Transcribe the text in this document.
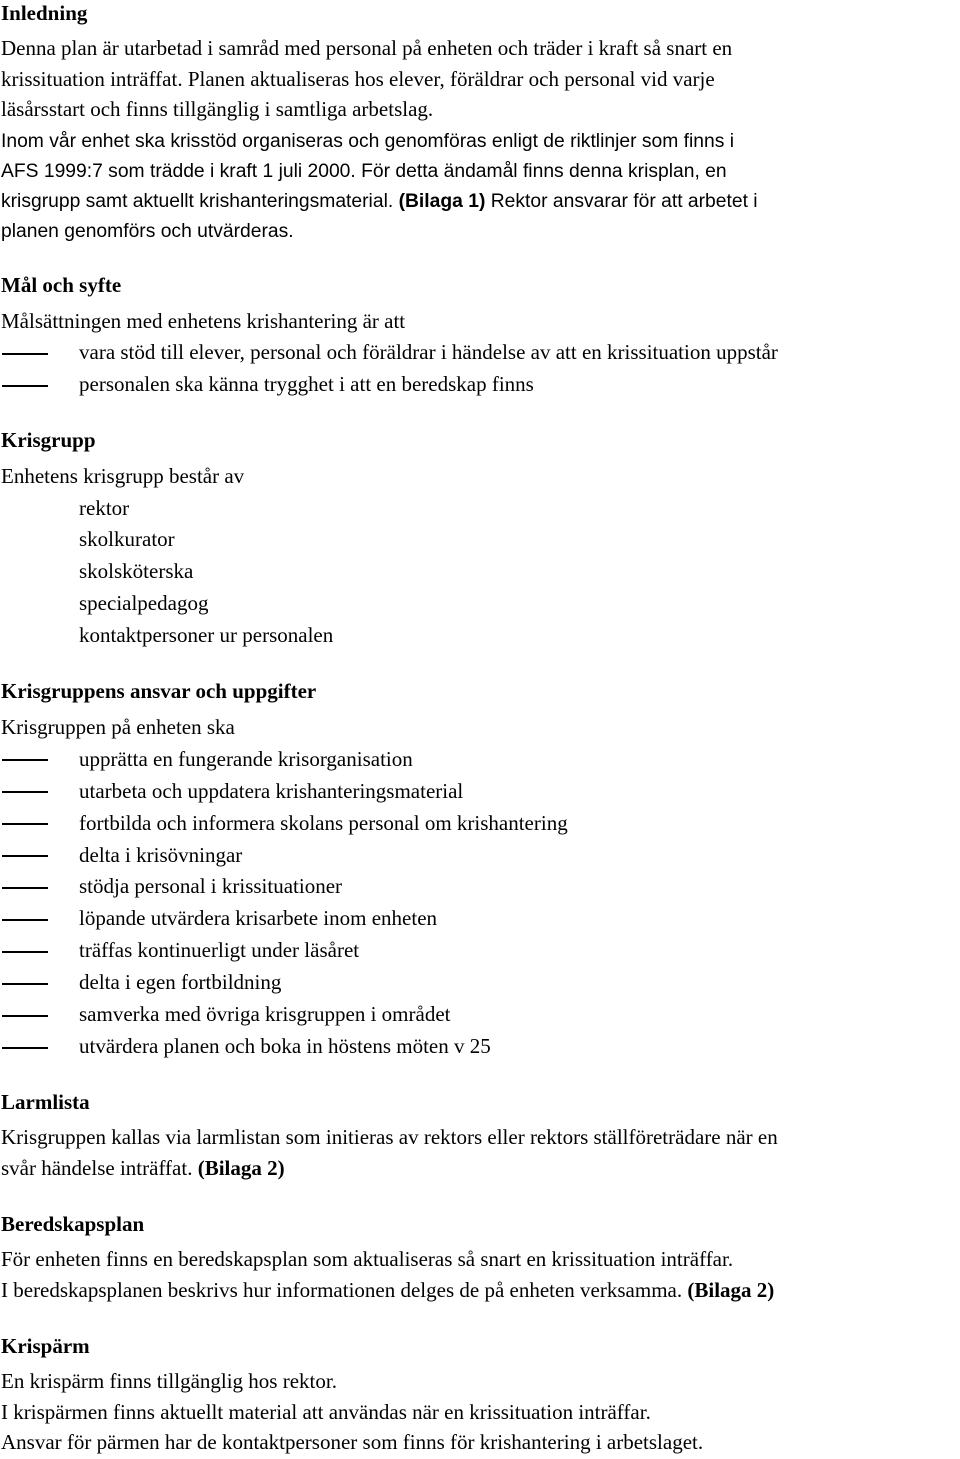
Inledning
Denna plan är utarbetad i samråd med personal på enheten och träder i kraft så snart en
krissituation inträffat. Planen aktualiseras hos elever, föräldrar och personal vid varje
läsårsstart och finns tillgänglig i samtliga arbetslag.
Inom vår enhet ska krisstöd organiseras och genomföras enligt de riktlinjer som finns i
AFS 1999:7 som trädde i kraft 1 juli 2000. För detta ändamål finns denna krisplan, en
krisgrupp samt aktuellt krishanteringsmaterial. (Bilaga 1) Rektor ansvarar för att arbetet i
planen genomförs och utvärderas.
Mål och syfte
Målsättningen med enhetens krishantering är att
vara stöd till elever, personal och föräldrar i händelse av att en krissituation uppstår
personalen ska känna trygghet i att en beredskap finns
Krisgrupp
Enhetens krisgrupp består av
rektor
skolkurator
skolsköterska
specialpedagog
kontaktpersoner ur personalen
Krisgruppens ansvar och uppgifter
Krisgruppen på enheten ska
upprätta en fungerande krisorganisation
utarbeta och uppdatera krishanteringsmaterial
fortbilda och informera skolans personal om krishantering
delta i krisövningar
stödja personal i krissituationer
löpande utvärdera krisarbete inom enheten
träffas kontinuerligt under läsåret
delta i egen fortbildning
samverka med övriga krisgruppen i området
utvärdera planen och boka in höstens möten v 25
Larmlista
Krisgruppen kallas via larmlistan som initieras av rektors eller rektors ställföreträdare när en
svår händelse inträffat. (Bilaga 2)
Beredskapsplan
För enheten finns en beredskapsplan som aktualiseras så snart en krissituation inträffar.
I beredskapsplanen beskrivs hur informationen delges de på enheten verksamma. (Bilaga 2)
Krispärm
En krispärm finns tillgänglig hos rektor.
I krispärmen finns aktuellt material att användas när en krissituation inträffar.
Ansvar för pärmen har de kontaktpersoner som finns för krishantering i arbetslaget.
